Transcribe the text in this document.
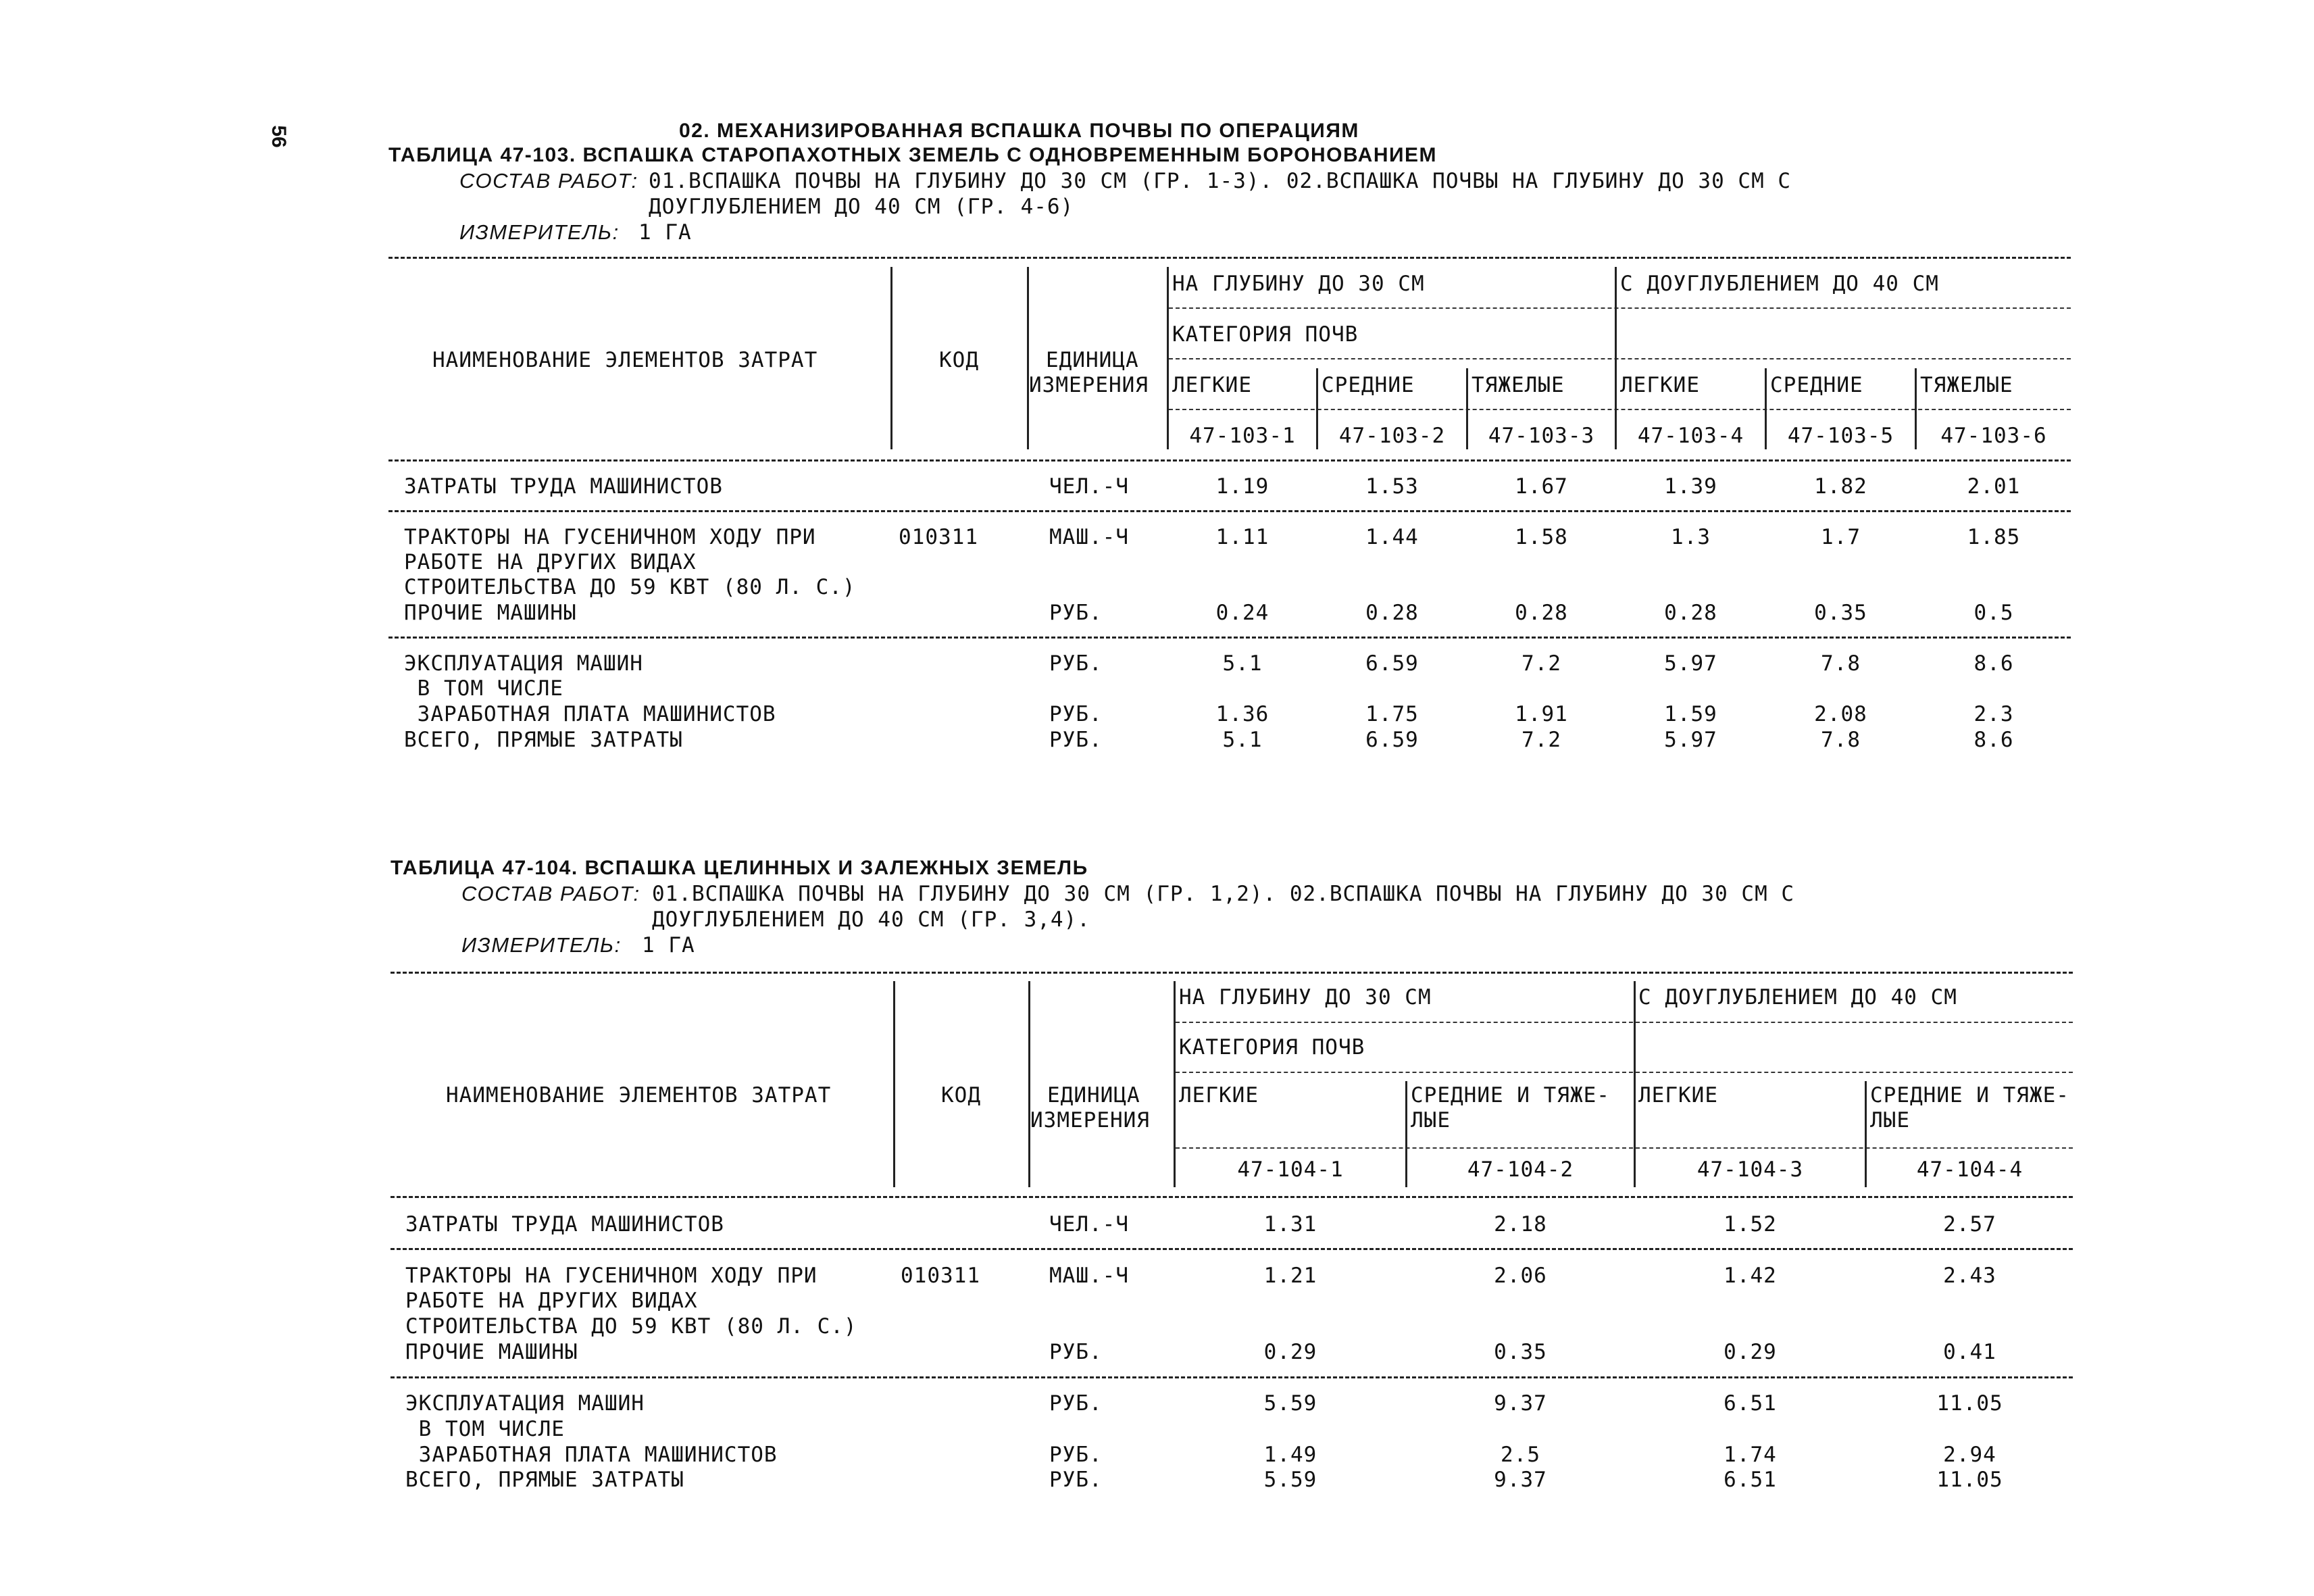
56	02. МЕХАНИЗИРОВАННАЯ ВСПАШКА ПОЧВЫ ПО ОПЕРАЦИЯМ
ТАБЛИЦА 47-103. ВСПАШКА СТАРОПАХОТНЫХ ЗЕМЕЛЬ С ОДНОВРЕМЕННЫМ БОРОНОВАНИЕМ
СОСТАВ РАБОТ: 01.ВСПАШКА ПОЧВЫ НА ГЛУБИНУ ДО 30 СМ (ГР. 1-3). 02.ВСПАШКА ПОЧВЫ НА ГЛУБИНУ ДО 30 СМ С
ДОУГЛУБЛЕНИЕМ ДО 40 СМ (ГР. 4-6)
ИЗМЕРИТЕЛЬ: 1 ГА
НАИМЕНОВАНИЕ ЭЛЕМЕНТОВ ЗАТРАТ	КОД	ЕДИНИЦА
ИЗМЕРЕНИЯ
НА ГЛУБИНУ ДО 30 СМ	С ДОУГЛУБЛЕНИЕМ ДО 40 СМ
КАТЕГОРИЯ ПОЧВ
ЛЕГКИЕ	СРЕДНИЕ	ТЯЖЕЛЫЕ	ЛЕГКИЕ	СРЕДНИЕ	ТЯЖЕЛЫЕ
47-103-1	47-103-2	47-103-3	47-103-4	47-103-5	47-103-6
ЗАТРАТЫ ТРУДА МАШИНИСТОВ	ЧЕЛ.-Ч	1.19	1.53	1.67	1.39	1.82	2.01
ТРАКТОРЫ НА ГУСЕНИЧНОМ ХОДУ ПРИ
РАБОТЕ НА ДРУГИХ ВИДАХ
СТРОИТЕЛЬСТВА ДО 59 КВТ (80 Л. С.)
010311	МАШ.-Ч	1.11	1.44	1.58	1.3	1.7	1.85
ПРОЧИЕ МАШИНЫ	РУБ.	0.24	0.28	0.28	0.28	0.35	0.5
ЭКСПЛУАТАЦИЯ МАШИН
В ТОМ ЧИСЛЕ
РУБ.	5.1	6.59	7.2	5.97	7.8	8.6
ЗАРАБОТНАЯ ПЛАТА МАШИНИСТОВ	РУБ.	1.36	1.75	1.91	1.59	2.08	2.3
ВСЕГО, ПРЯМЫЕ ЗАТРАТЫ	РУБ.	5.1	6.59	7.2	5.97	7.8	8.6
ТАБЛИЦА 47-104. ВСПАШКА ЦЕЛИННЫХ И ЗАЛЕЖНЫХ ЗЕМЕЛЬ
СОСТАВ РАБОТ: 01.ВСПАШКА ПОЧВЫ НА ГЛУБИНУ ДО 30 СМ (ГР. 1,2). 02.ВСПАШКА ПОЧВЫ НА ГЛУБИНУ ДО 30 СМ С
ДОУГЛУБЛЕНИЕМ ДО 40 СМ (ГР. 3,4).
ИЗМЕРИТЕЛЬ: 1 ГА
НАИМЕНОВАНИЕ ЭЛЕМЕНТОВ ЗАТРАТ	КОД	ЕДИНИЦА
ИЗМЕРЕНИЯ
НА ГЛУБИНУ ДО 30 СМ	С ДОУГЛУБЛЕНИЕМ ДО 40 СМ
КАТЕГОРИЯ ПОЧВ
ЛЕГКИЕ	СРЕДНИЕ И ТЯЖЕ-
ЛЫЕ
ЛЕГКИЕ	СРЕДНИЕ И ТЯЖЕ-
ЛЫЕ
47-104-1	47-104-2	47-104-3	47-104-4
ЗАТРАТЫ ТРУДА МАШИНИСТОВ	ЧЕЛ.-Ч	1.31	2.18	1.52	2.57
ТРАКТОРЫ НА ГУСЕНИЧНОМ ХОДУ ПРИ
РАБОТЕ НА ДРУГИХ ВИДАХ
СТРОИТЕЛЬСТВА ДО 59 КВТ (80 Л. С.)
010311	МАШ.-Ч	1.21	2.06	1.42	2.43
ПРОЧИЕ МАШИНЫ	РУБ.	0.29	0.35	0.29	0.41
ЭКСПЛУАТАЦИЯ МАШИН
В ТОМ ЧИСЛЕ
РУБ.	5.59	9.37	6.51	11.05
ЗАРАБОТНАЯ ПЛАТА МАШИНИСТОВ	РУБ.	1.49	2.5	1.74	2.94
ВСЕГО, ПРЯМЫЕ ЗАТРАТЫ	РУБ.	5.59	9.37	6.51	11.05
